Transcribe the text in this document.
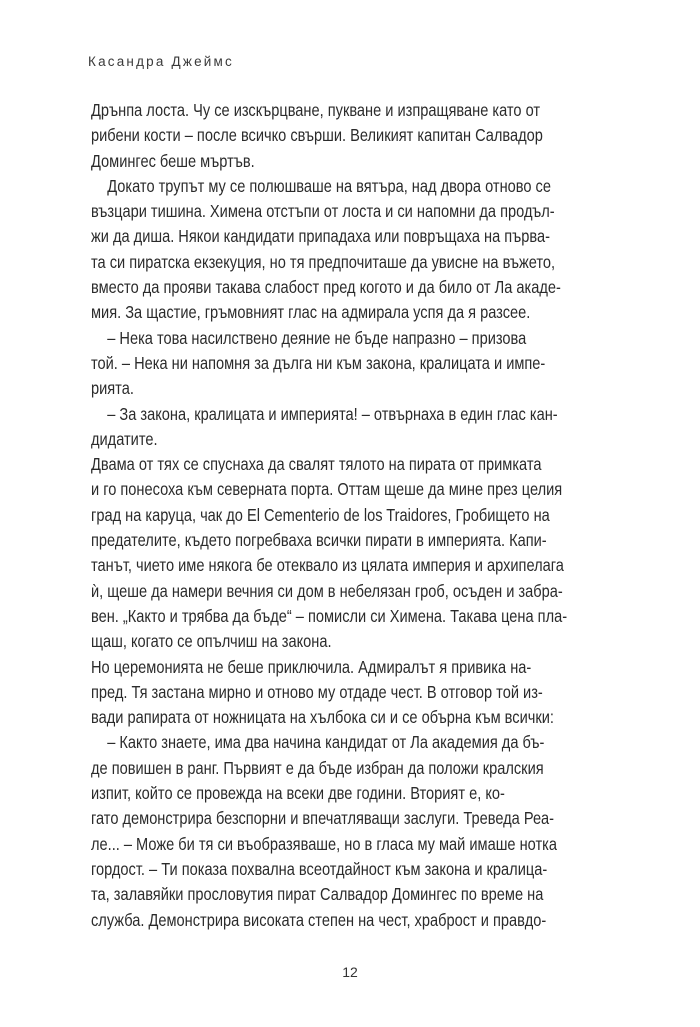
Касандра Джеймс
Дрънпа лоста. Чу се изскърцване, пукване и изпращяване като от
рибени кости – после всичко свърши. Великият капитан Салвадор
Домингес беше мъртъв.
Докато трупът му се полюшваше на вятъра, над двора отново се
възцари тишина. Химена отстъпи от лоста и си напомни да продъл-
жи да диша. Някои кандидати припадаха или повръщаха на първа-
та си пиратска екзекуция, но тя предпочиташе да увисне на въжето,
вместо да прояви такава слабост пред когото и да било от Ла акаде-
мия. За щастие, гръмовният глас на адмирала успя да я разсее.
– Нека това насилствено деяние не бъде напразно – призова
той. – Нека ни напомня за дълга ни към закона, кралицата и импе-
рията.
– За закона, кралицата и империята! – отвърнаха в един глас кан-
дидатите.
Двама от тях се спуснаха да свалят тялото на пирата от примката
и го понесоха към северната порта. Оттам щеше да мине през целия
град на каруца, чак до El Cementerio de los Traidores, Гробището на
предателите, където погребваха всички пирати в империята. Капи-
танът, чието име някога бе отеквало из цялата империя и архипелага
ѝ, щеше да намери вечния си дом в небелязан гроб, осъден и забра-
вен. „Както и трябва да бъде“ – помисли си Химена. Такава цена пла-
щаш, когато се опълчиш на закона.
Но церемонията не беше приключила. Адмиралът я привика на-
пред. Тя застана мирно и отново му отдаде чест. В отговор той из-
вади рапирата от ножницата на хълбока си и се обърна към всички:
– Както знаете, има два начина кандидат от Ла академия да бъ-
де повишен в ранг. Първият е да бъде избран да положи кралския
изпит, който се провежда на всеки две години. Вторият е, ко-
гато демонстрира безспорни и впечатляващи заслуги. Треведа Реа-
ле... – Може би тя си въобразяваше, но в гласа му май имаше нотка
гордост. – Ти показа похвална всеотдайност към закона и кралица-
та, залавяйки прословутия пират Салвадор Домингес по време на
служба. Демонстрира високата степен на чест, храброст и правдо-
12
